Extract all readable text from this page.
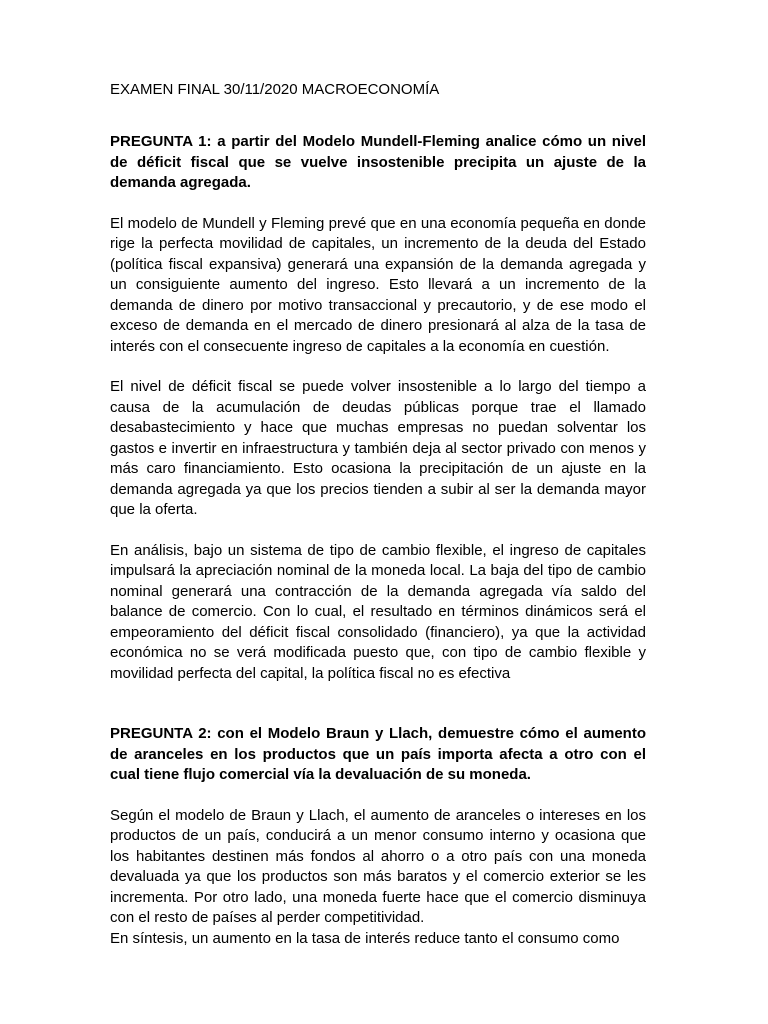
EXAMEN FINAL 30/11/2020 MACROECONOMÍA
PREGUNTA 1: a partir del Modelo Mundell-Fleming analice cómo un nivel de déficit fiscal que se vuelve insostenible precipita un ajuste de la demanda agregada.
El modelo de Mundell y Fleming prevé que en una economía pequeña en donde rige la perfecta movilidad de capitales, un incremento de la deuda del Estado (política fiscal expansiva) generará una expansión de la demanda agregada y un consiguiente aumento del ingreso. Esto llevará a un incremento de la demanda de dinero por motivo transaccional y precautorio, y de ese modo el exceso de demanda en el mercado de dinero presionará al alza de la tasa de interés con el consecuente ingreso de capitales a la economía en cuestión.
El nivel de déficit fiscal se puede volver insostenible a lo largo del tiempo a causa de la acumulación de deudas públicas porque trae el llamado desabastecimiento y hace que muchas empresas no puedan solventar los gastos e invertir en infraestructura y también deja al sector privado con menos y más caro financiamiento. Esto ocasiona la precipitación de un ajuste en la demanda agregada ya que los precios tienden a subir al ser la demanda mayor que la oferta.
En análisis, bajo un sistema de tipo de cambio flexible, el ingreso de capitales impulsará la apreciación nominal de la moneda local. La baja del tipo de cambio nominal generará una contracción de la demanda agregada vía saldo del balance de comercio. Con lo cual, el resultado en términos dinámicos será el empeoramiento del déficit fiscal consolidado (financiero), ya que la actividad económica no se verá modificada puesto que, con tipo de cambio flexible y movilidad perfecta del capital, la política fiscal no es efectiva
PREGUNTA 2: con el Modelo Braun y Llach, demuestre cómo el aumento de aranceles en los productos que un país importa afecta a otro con el cual tiene flujo comercial vía la devaluación de su moneda.
Según el modelo de Braun y Llach, el aumento de aranceles o intereses en los productos de un país, conducirá a un menor consumo interno y ocasiona que los habitantes destinen más fondos al ahorro o a otro país con una moneda devaluada ya que los productos son más baratos y el comercio exterior se les incrementa. Por otro lado, una moneda fuerte hace que el comercio disminuya con el resto de países al perder competitividad.
En síntesis, un aumento en la tasa de interés reduce tanto el consumo como
